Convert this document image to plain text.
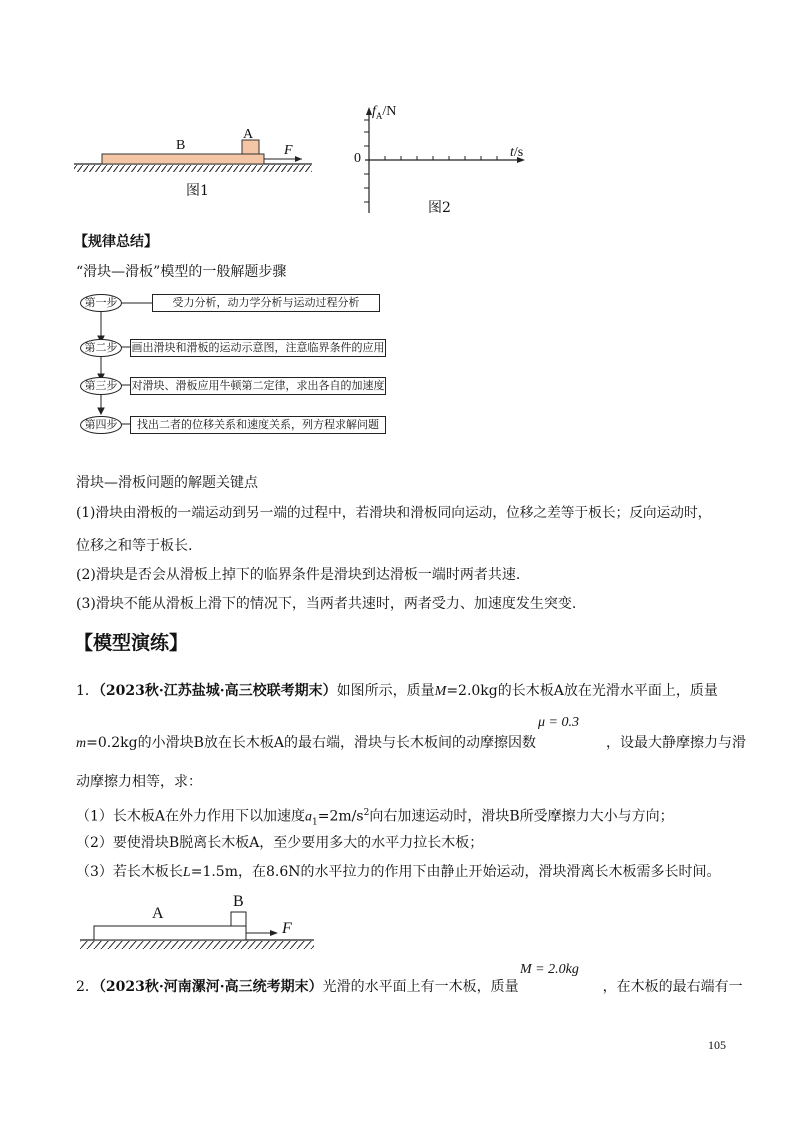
B
A
F
图1
$f_A/N$
t/s
0
图2
【规律总结】
“滑块—滑板”模型的一般解题步骤
第一步	受力分析，动力学分析与运动过程分析
第二步	画出滑块和滑板的运动示意图，注意临界条件的应用
第三步	对滑块、滑板应用牛顿第二定律，求出各自的加速度
第四步	找出二者的位移关系和速度关系，列方程求解问题
滑块—滑板问题的解题关键点
(1)滑块由滑板的一端运动到另一端的过程中，若滑块和滑板同向运动，位移之差等于板长；反向运动时，
位移之和等于板长.
(2)滑块是否会从滑板上掉下的临界条件是滑块到达滑板一端时两者共速.
(3)滑块不能从滑板上滑下的情况下，当两者共速时，两者受力、加速度发生突变.
【模型演练】
1．（2023秋·江苏盐城·高三校联考期末）如图所示，质量M=2.0kg的长木板A放在光滑水平面上，质量
μ = 0.3
m=0.2kg的小滑块B放在长木板A的最右端，滑块与长木板间的动摩擦因数	，设最大静摩擦力与滑
动摩擦力相等，求：
（1）长木板A在外力作用下以加速度$a_1=2m/s^2$向右加速运动时，滑块B所受摩擦力大小与方向；
（2）要使滑块B脱离长木板A，至少要用多大的水平力拉长木板；
（3）若长木板长L=1.5m，在8.6N的水平拉力的作用下由静止开始运动，滑块滑离长木板需多长时间。
A
B
F
M = 2.0kg
2．（2023秋·河南漯河·高三统考期末）光滑的水平面上有一木板，质量	，在木板的最右端有一
105
